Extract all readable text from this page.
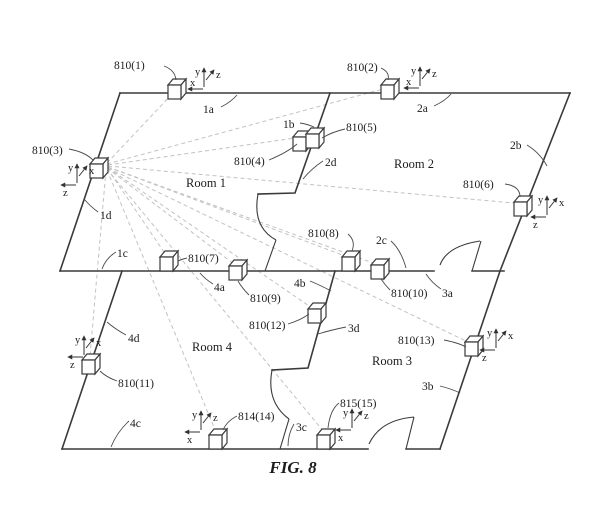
810(1)	810(2)
810(3)
810(4)
810(5)
810(6)
810(7)
810(8)
810(9)	810(10)
810(11)
810(12)
810(13)
814(14)
815(15)
1a
1b
1c
1d
2a
2b
2c
2d
3a
3b
3c
3d
4a	4b
4c
4d
Room 1
Room 2
Room 3
Room 4
y z
x
y z
x
y x
z
y x
z
y x
z
y x
z
y z
x
y z
x
FIG. 8
